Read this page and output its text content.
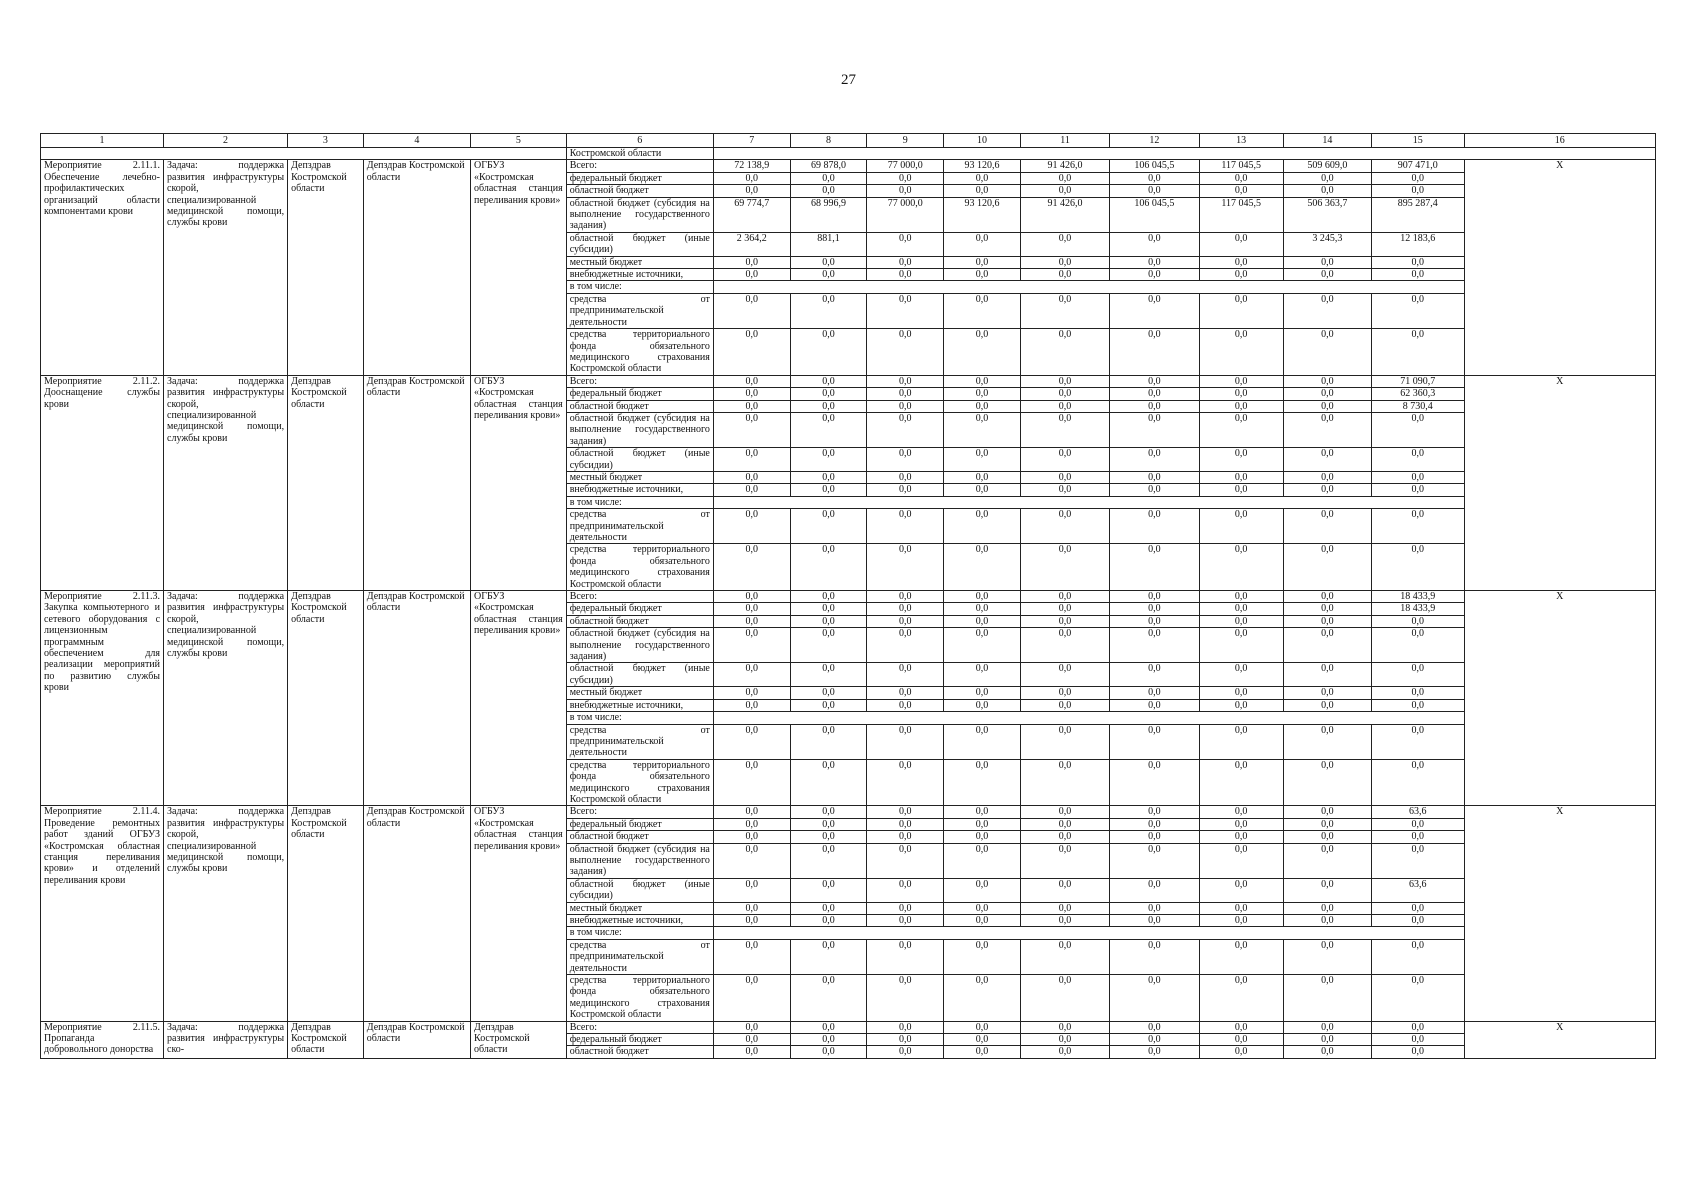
27
1	2	3	4	5	6	7	8	9	10	11	12	13	14	15	16
					Костромской области										
Мероприятие 2.11.1. Обеспечение лечебно-профилактических организаций области компонентами крови	Задача: поддержка развития инфраструктуры скорой, специализированной медицинской помощи, службы крови	Депздрав Костромской области	Депздрав Костромской области	ОГБУЗ «Костромская областная станция переливания крови»	Всего:	72 138,9	69 878,0	77 000,0	93 120,6	91 426,0	106 045,5	117 045,5	509 609,0	907 471,0	X
					федеральный бюджет	0,0	0,0	0,0	0,0	0,0	0,0	0,0	0,0	0,0	
					областной бюджет	0,0	0,0	0,0	0,0	0,0	0,0	0,0	0,0	0,0	
					областной бюджет (субсидия на выполнение государственного задания)	69 774,7	68 996,9	77 000,0	93 120,6	91 426,0	106 045,5	117 045,5	506 363,7	895 287,4	
					областной бюджет (иные субсидии)	2 364,2	881,1	0,0	0,0	0,0	0,0	0,0	3 245,3	12 183,6	
					местный бюджет	0,0	0,0	0,0	0,0	0,0	0,0	0,0	0,0	0,0	
					внебюджетные источники,	0,0	0,0	0,0	0,0	0,0	0,0	0,0	0,0	0,0	
					в том числе:										
					средства от предпринимательской деятельности	0,0	0,0	0,0	0,0	0,0	0,0	0,0	0,0	0,0	
					средства территориального фонда обязательного медицинского страхования Костромской области	0,0	0,0	0,0	0,0	0,0	0,0	0,0	0,0	0,0	
Мероприятие 2.11.2. Дооснащение службы крови	Задача: поддержка развития инфраструктуры скорой, специализированной медицинской помощи, службы крови	Депздрав Костромской области	Депздрав Костромской области	ОГБУЗ «Костромская областная станция переливания крови»	Всего:	0,0	0,0	0,0	0,0	0,0	0,0	0,0	0,0	71 090,7	X
					федеральный бюджет	0,0	0,0	0,0	0,0	0,0	0,0	0,0	0,0	62 360,3	
					областной бюджет	0,0	0,0	0,0	0,0	0,0	0,0	0,0	0,0	8 730,4	
					областной бюджет (субсидия на выполнение государственного задания)	0,0	0,0	0,0	0,0	0,0	0,0	0,0	0,0	0,0	
					областной бюджет (иные субсидии)	0,0	0,0	0,0	0,0	0,0	0,0	0,0	0,0	0,0	
					местный бюджет	0,0	0,0	0,0	0,0	0,0	0,0	0,0	0,0	0,0	
					внебюджетные источники,	0,0	0,0	0,0	0,0	0,0	0,0	0,0	0,0	0,0	
					в том числе:										
					средства от предпринимательской деятельности	0,0	0,0	0,0	0,0	0,0	0,0	0,0	0,0	0,0	
					средства территориального фонда обязательного медицинского страхования Костромской области	0,0	0,0	0,0	0,0	0,0	0,0	0,0	0,0	0,0	
Мероприятие 2.11.3. Закупка компьютерного и сетевого оборудования с лицензионным программным обеспечением для реализации мероприятий по развитию службы крови	Задача: поддержка развития инфраструктуры скорой, специализированной медицинской помощи, службы крови	Депздрав Костромской области	Депздрав Костромской области	ОГБУЗ «Костромская областная станция переливания крови»	Всего:	0,0	0,0	0,0	0,0	0,0	0,0	0,0	0,0	18 433,9	X
					федеральный бюджет	0,0	0,0	0,0	0,0	0,0	0,0	0,0	0,0	18 433,9	
					областной бюджет	0,0	0,0	0,0	0,0	0,0	0,0	0,0	0,0	0,0	
					областной бюджет (субсидия на выполнение государственного задания)	0,0	0,0	0,0	0,0	0,0	0,0	0,0	0,0	0,0	
					областной бюджет (иные субсидии)	0,0	0,0	0,0	0,0	0,0	0,0	0,0	0,0	0,0	
					местный бюджет	0,0	0,0	0,0	0,0	0,0	0,0	0,0	0,0	0,0	
					внебюджетные источники,	0,0	0,0	0,0	0,0	0,0	0,0	0,0	0,0	0,0	
					в том числе:										
					средства от предпринимательской деятельности	0,0	0,0	0,0	0,0	0,0	0,0	0,0	0,0	0,0	
					средства территориального фонда обязательного медицинского страхования Костромской области	0,0	0,0	0,0	0,0	0,0	0,0	0,0	0,0	0,0	
Мероприятие 2.11.4. Проведение ремонтных работ зданий ОГБУЗ «Костромская областная станция переливания крови» и отделений переливания крови	Задача: поддержка развития инфраструктуры скорой, специализированной медицинской помощи, службы крови	Депздрав Костромской области	Депздрав Костромской области	ОГБУЗ «Костромская областная станция переливания крови»	Всего:	0,0	0,0	0,0	0,0	0,0	0,0	0,0	0,0	63,6	X
					федеральный бюджет	0,0	0,0	0,0	0,0	0,0	0,0	0,0	0,0	0,0	
					областной бюджет	0,0	0,0	0,0	0,0	0,0	0,0	0,0	0,0	0,0	
					областной бюджет (субсидия на выполнение государственного задания)	0,0	0,0	0,0	0,0	0,0	0,0	0,0	0,0	0,0	
					областной бюджет (иные субсидии)	0,0	0,0	0,0	0,0	0,0	0,0	0,0	0,0	63,6	
					местный бюджет	0,0	0,0	0,0	0,0	0,0	0,0	0,0	0,0	0,0	
					внебюджетные источники,	0,0	0,0	0,0	0,0	0,0	0,0	0,0	0,0	0,0	
					в том числе:										
					средства от предпринимательской деятельности	0,0	0,0	0,0	0,0	0,0	0,0	0,0	0,0	0,0	
					средства территориального фонда обязательного медицинского страхования Костромской области	0,0	0,0	0,0	0,0	0,0	0,0	0,0	0,0	0,0	
Мероприятие 2.11.5. Пропаганда добровольного донорства	Задача: поддержка развития инфраструктуры ско-	Депздрав Костромской области	Депздрав Костромской области	Депздрав Костромской области	Всего:	0,0	0,0	0,0	0,0	0,0	0,0	0,0	0,0	0,0	X
					федеральный бюджет	0,0	0,0	0,0	0,0	0,0	0,0	0,0	0,0	0,0	
					областной бюджет	0,0	0,0	0,0	0,0	0,0	0,0	0,0	0,0	0,0	
